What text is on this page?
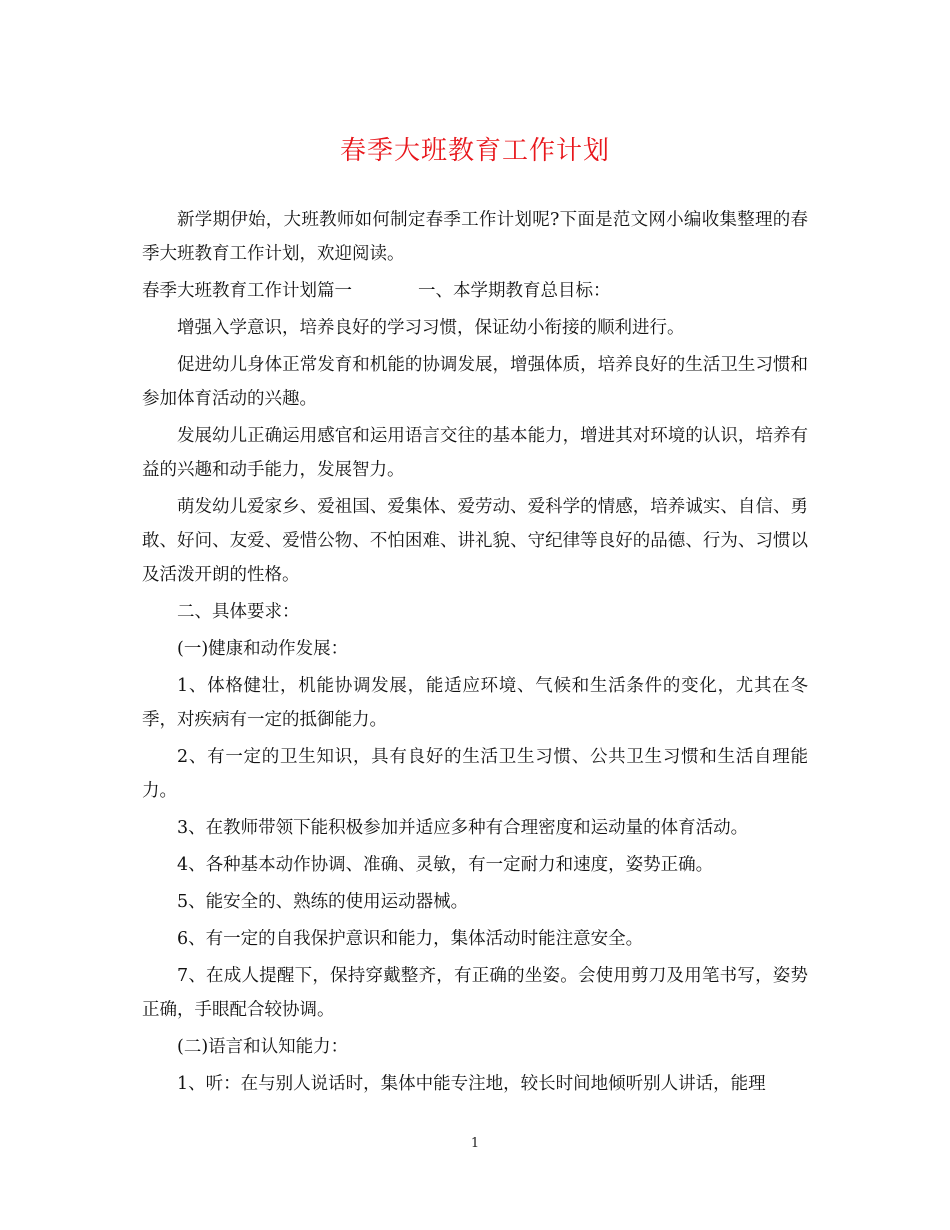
春季大班教育工作计划

新学期伊始，大班教师如何制定春季工作计划呢?下面是范文网小编收集整理的春季大班教育工作计划，欢迎阅读。

春季大班教育工作计划篇一	一、本学期教育总目标：

增强入学意识，培养良好的学习习惯，保证幼小衔接的顺利进行。

促进幼儿身体正常发育和机能的协调发展，增强体质，培养良好的生活卫生习惯和参加体育活动的兴趣。

发展幼儿正确运用感官和运用语言交往的基本能力，增进其对环境的认识，培养有益的兴趣和动手能力，发展智力。

萌发幼儿爱家乡、爱祖国、爱集体、爱劳动、爱科学的情感，培养诚实、自信、勇敢、好问、友爱、爱惜公物、不怕困难、讲礼貌、守纪律等良好的品德、行为、习惯以及活泼开朗的性格。

二、具体要求：

(一)健康和动作发展：

1、体格健壮，机能协调发展，能适应环境、气候和生活条件的变化，尤其在冬季，对疾病有一定的抵御能力。

2、有一定的卫生知识，具有良好的生活卫生习惯、公共卫生习惯和生活自理能力。

3、在教师带领下能积极参加并适应多种有合理密度和运动量的体育活动。

4、各种基本动作协调、准确、灵敏，有一定耐力和速度，姿势正确。

5、能安全的、熟练的使用运动器械。

6、有一定的自我保护意识和能力，集体活动时能注意安全。

7、在成人提醒下，保持穿戴整齐，有正确的坐姿。会使用剪刀及用笔书写，姿势正确，手眼配合较协调。

(二)语言和认知能力：

1、听：在与别人说话时，集体中能专注地，较长时间地倾听别人讲话，能理

1
